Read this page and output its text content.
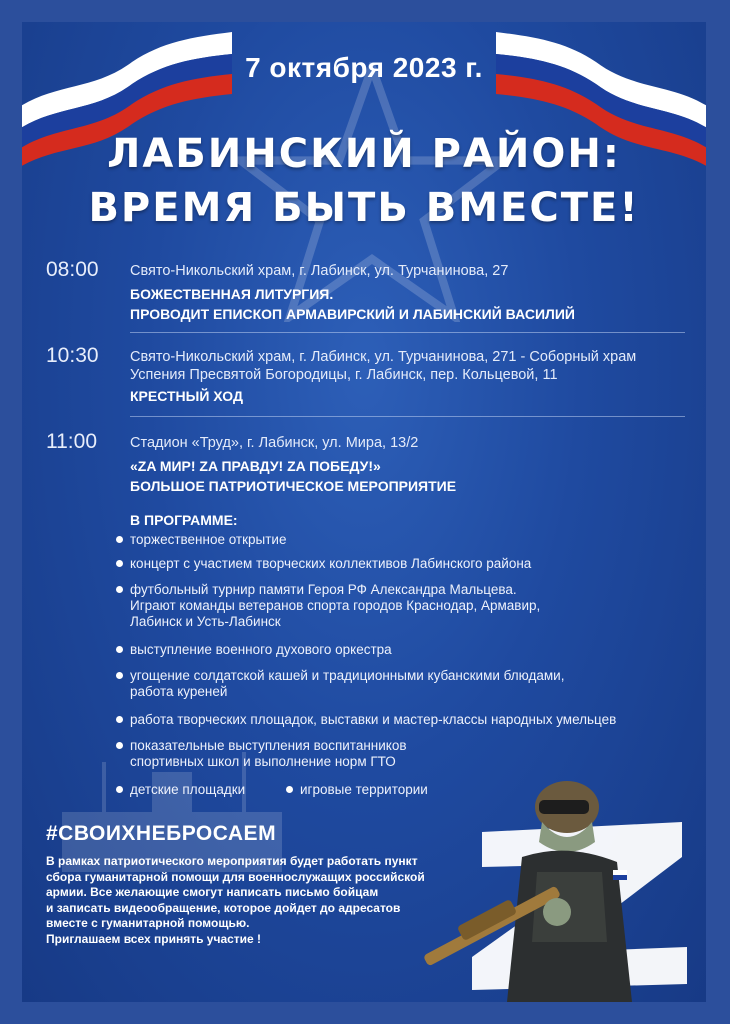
7 октября 2023 г.
ЛАБИНСКИЙ РАЙОН:
ВРЕМЯ БЫТЬ ВМЕСТЕ!
08:00 Свято-Никольский храм, г. Лабинск, ул. Турчанинова, 27
БОЖЕСТВЕННАЯ ЛИТУРГИЯ.
ПРОВОДИТ ЕПИСКОП АРМАВИРСКИЙ И ЛАБИНСКИЙ ВАСИЛИЙ
10:30 Свято-Никольский храм, г. Лабинск, ул. Турчанинова, 271 - Соборный храм
Успения Пресвятой Богородицы, г. Лабинск, пер. Кольцевой, 11
КРЕСТНЫЙ ХОД
11:00 Стадион «Труд», г. Лабинск, ул. Мира, 13/2
«ZA МИР! ZA ПРАВДУ! ZA ПОБЕДУ!»
БОЛЬШОЕ ПАТРИОТИЧЕСКОЕ МЕРОПРИЯТИЕ
В ПРОГРАММЕ:
торжественное открытие
концерт с участием творческих коллективов Лабинского района
футбольный турнир памяти Героя РФ Александра Мальцева.
Играют команды ветеранов спорта городов Краснодар, Армавир,
Лабинск и Усть-Лабинск
выступление военного духового оркестра
угощение солдатской кашей и традиционными кубанскими блюдами,
работа куреней
работа творческих площадок, выставки и мастер-классы народных умельцев
показательные выступления воспитанников
спортивных школ и выполнение норм ГТО
детские площадки	игровые территории
#СВОИХНЕБРОСАЕМ
В рамках патриотического мероприятия будет работать пункт
сбора гуманитарной помощи для военнослужащих российской
армии. Все желающие смогут написать письмо бойцам
и записать видеообращение, которое дойдет до адресатов
вместе с гуманитарной помощью.
Приглашаем всех принять участие !
